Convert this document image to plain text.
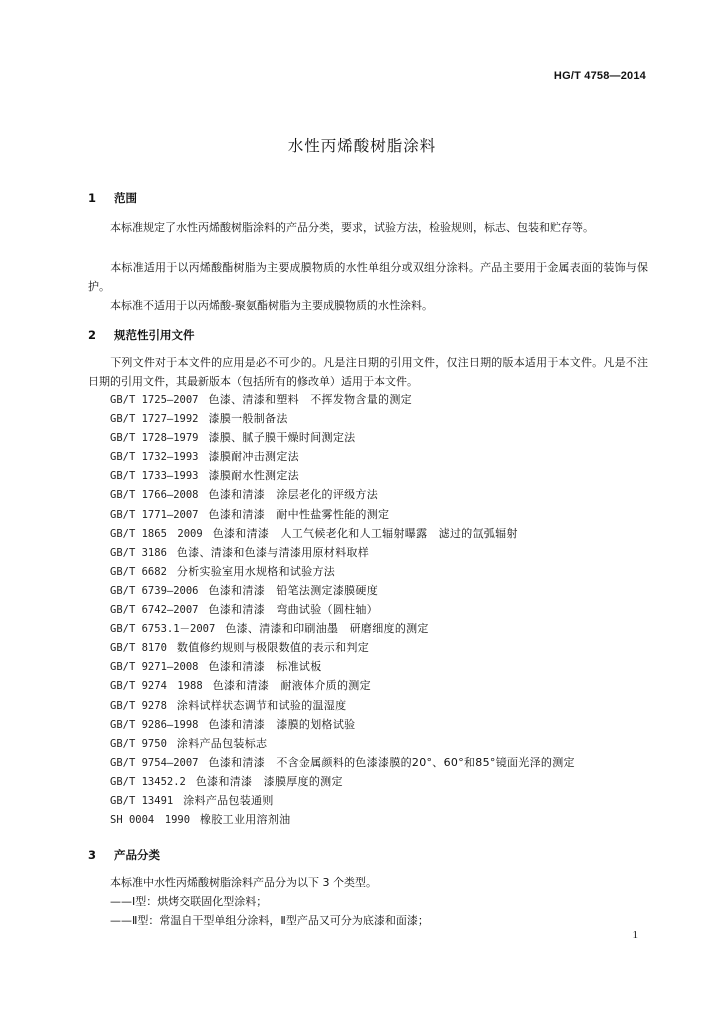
HG/T 4758—2014
水性丙烯酸树脂涂料
1 范围
本标准规定了水性丙烯酸树脂涂料的产品分类，要求，试验方法，检验规则，标志、包装和贮存等。
本标准适用于以丙烯酸酯树脂为主要成膜物质的水性单组分或双组分涂料。产品主要用于金属表面的装饰与保护。
本标准不适用于以丙烯酸-聚氨酯树脂为主要成膜物质的水性涂料。
2 规范性引用文件
下列文件对于本文件的应用是必不可少的。凡是注日期的引用文件，仅注日期的版本适用于本文件。凡是不注日期的引用文件，其最新版本（包括所有的修改单）适用于本文件。
GB/T 1725—2007 色漆、清漆和塑料　不挥发物含量的测定
GB/T 1727—1992 漆膜一般制备法
GB/T 1728—1979 漆膜、腻子膜干燥时间测定法
GB/T 1732—1993 漆膜耐冲击测定法
GB/T 1733—1993 漆膜耐水性测定法
GB/T 1766—2008 色漆和清漆　涂层老化的评级方法
GB/T 1771—2007 色漆和清漆　耐中性盐雾性能的测定
GB/T 1865　2009 色漆和清漆　人工气候老化和人工辐射曝露　滤过的氙弧辐射
GB/T 3186 色漆、清漆和色漆与清漆用原材料取样
GB/T 6682 分析实验室用水规格和试验方法
GB/T 6739—2006 色漆和清漆　铅笔法测定漆膜硬度
GB/T 6742—2007 色漆和清漆　弯曲试验（圆柱轴）
GB/T 6753.1－2007 色漆、清漆和印刷油墨　研磨细度的测定
GB/T 8170 数值修约规则与极限数值的表示和判定
GB/T 9271—2008 色漆和清漆　标准试板
GB/T 9274　1988 色漆和清漆　耐液体介质的测定
GB/T 9278 涂料试样状态调节和试验的温湿度
GB/T 9286—1998 色漆和清漆　漆膜的划格试验
GB/T 9750 涂料产品包装标志
GB/T 9754—2007 色漆和清漆　不含金属颜料的色漆漆膜的20°、60°和85°镜面光泽的测定
GB/T 13452.2 色漆和清漆　漆膜厚度的测定
GB/T 13491 涂料产品包装通则
SH 0004　1990 橡胶工业用溶剂油
3 产品分类
本标准中水性丙烯酸树脂涂料产品分为以下 3 个类型。
——Ⅰ型：烘烤交联固化型涂料；
——Ⅱ型：常温自干型单组分涂料，Ⅱ型产品又可分为底漆和面漆；
1
